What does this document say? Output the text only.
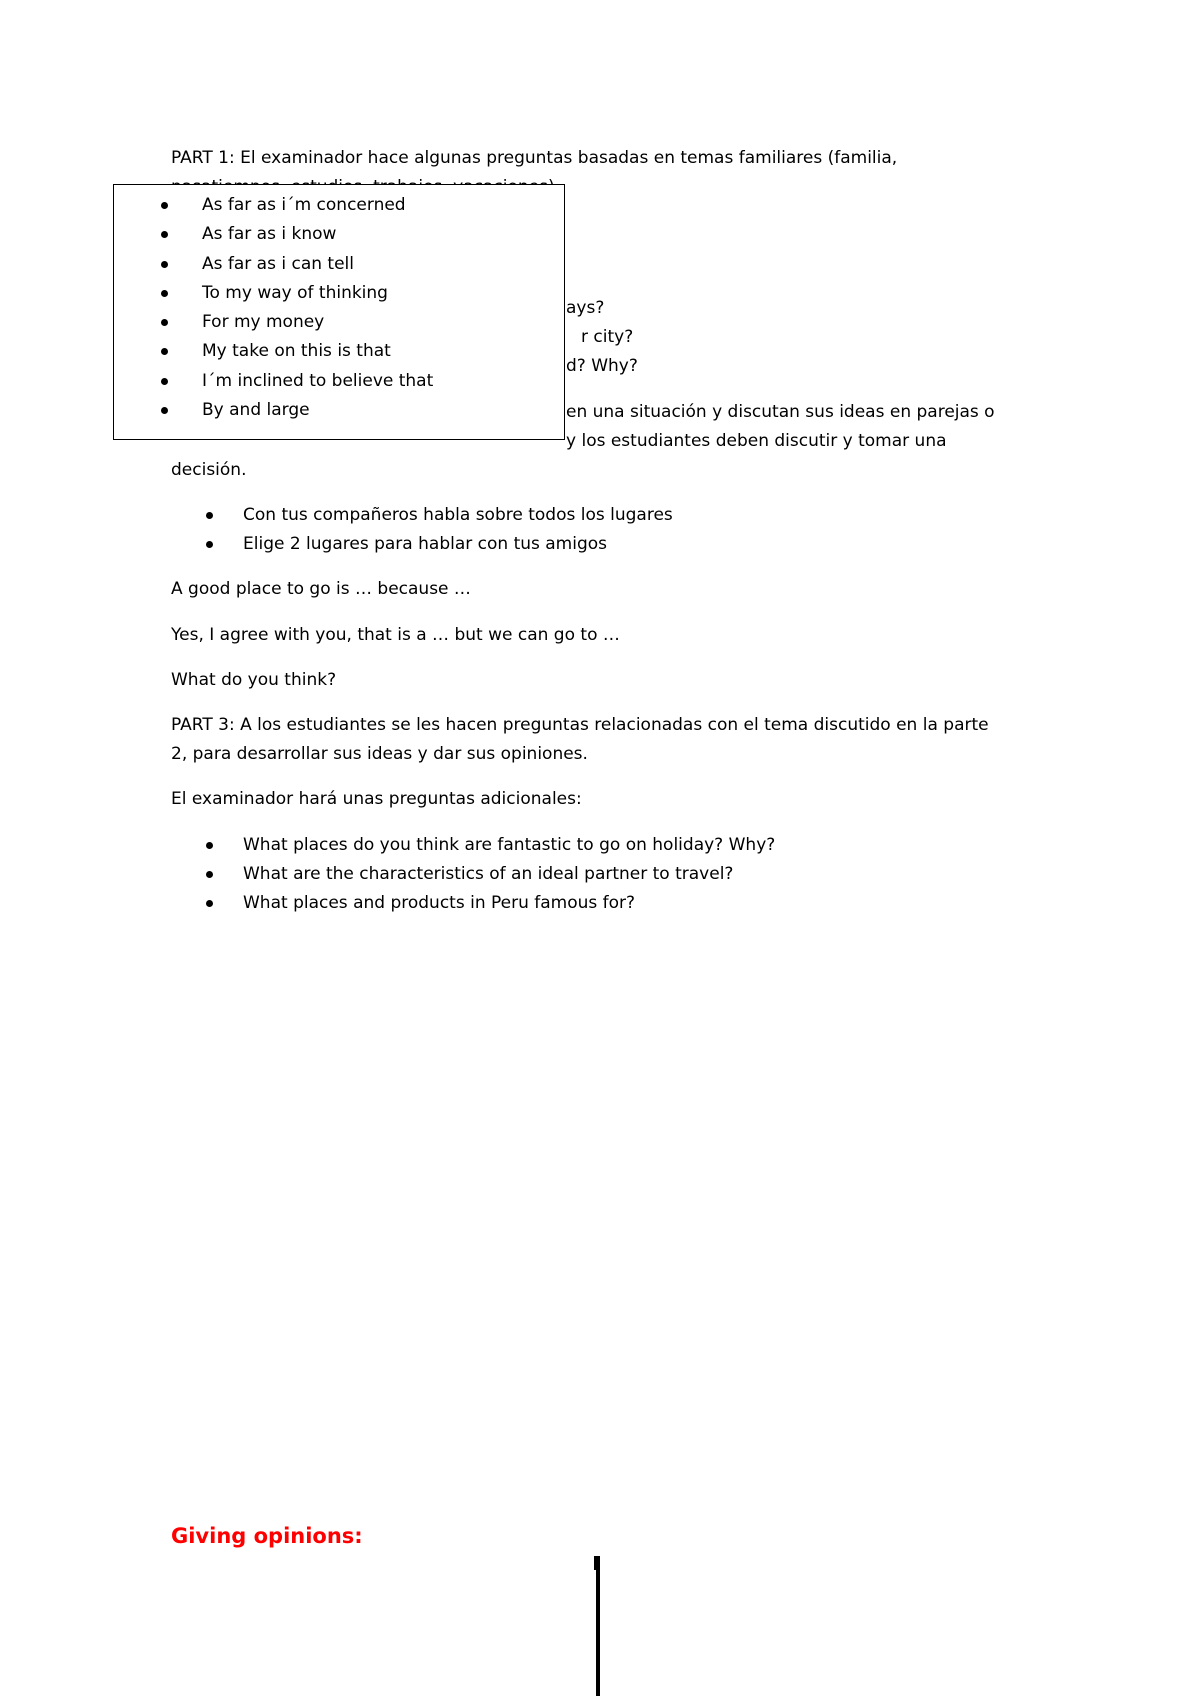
PART 1: El examinador hace algunas preguntas basadas en temas familiares (familia,
ays?
r city?
d? Why?
en una situación y discutan sus ideas en parejas o
y los estudiantes deben discutir y tomar una
decisión.
As far as i´m concerned
As far as i know
As far as i can tell
To my way of thinking
For my money
My take on this is that
I´m inclined to believe that
By and large
Con tus compañeros habla sobre todos los lugares
Elige 2 lugares para hablar con tus amigos
A good place to go is … because …
Yes, I agree with you, that is a … but we can go to …
What do you think?
PART 3: A los estudiantes se les hacen preguntas relacionadas con el tema discutido en la parte
2, para desarrollar sus ideas y dar sus opiniones.
El examinador hará unas preguntas adicionales:
What places do you think are fantastic to go on holiday? Why?
What are the characteristics of an ideal partner to travel?
What places and products in Peru famous for?
Giving opinions:
